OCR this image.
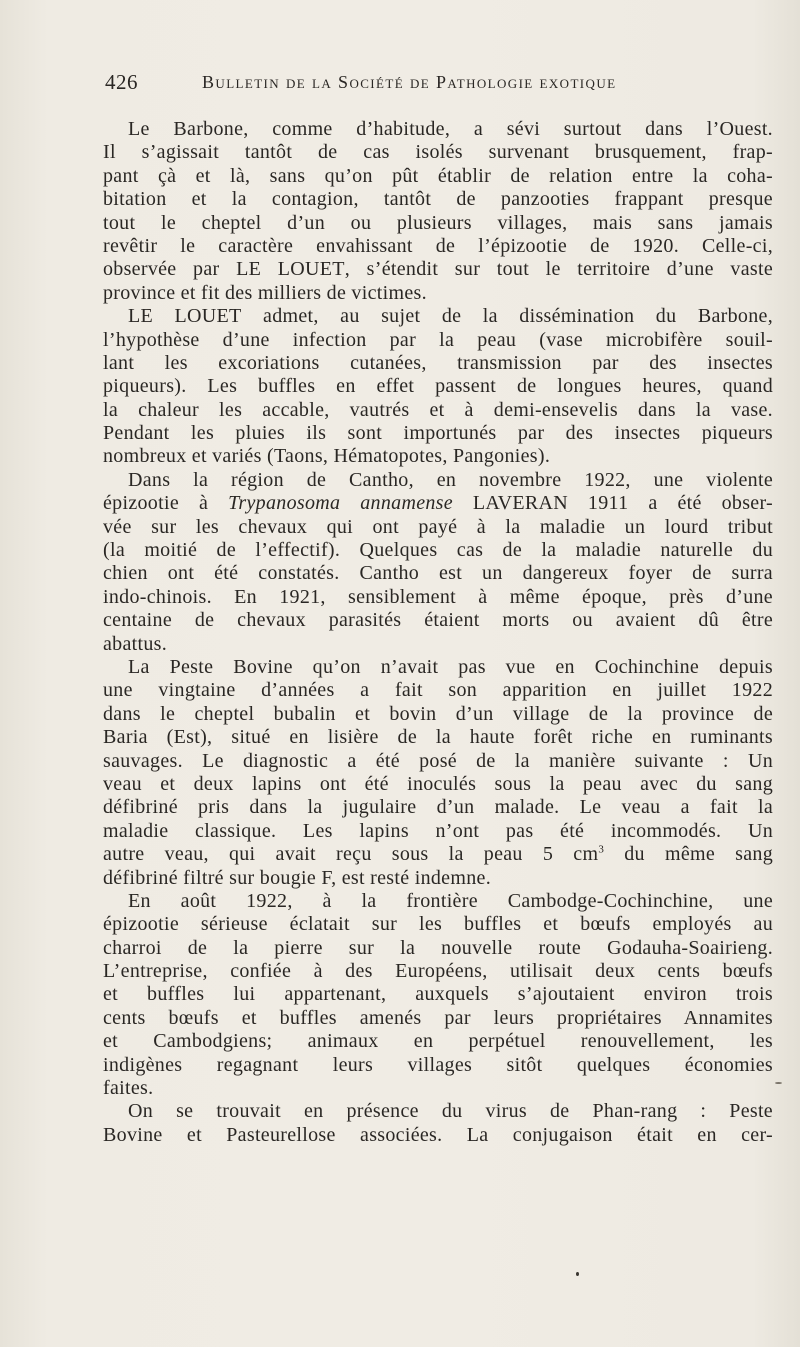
426	Bulletin de la Société de Pathologie exotique
Le Barbone, comme d’habitude, a sévi surtout dans l’Ouest.
Il s’agissait tantôt de cas isolés survenant brusquement, frap-
pant çà et là, sans qu’on pût établir de relation entre la coha-
bitation et la contagion, tantôt de panzooties frappant presque
tout le cheptel d’un ou plusieurs villages, mais sans jamais
revêtir le caractère envahissant de l’épizootie de 1920. Celle-ci,
observée par LE LOUET, s’étendit sur tout le territoire d’une vaste
province et fit des milliers de victimes.
LE LOUET admet, au sujet de la dissémination du Barbone,
l’hypothèse d’une infection par la peau (vase microbifère souil-
lant les excoriations cutanées, transmission par des insectes
piqueurs). Les buffles en effet passent de longues heures, quand
la chaleur les accable, vautrés et à demi-ensevelis dans la vase.
Pendant les pluies ils sont importunés par des insectes piqueurs
nombreux et variés (Taons, Hématopotes, Pangonies).
Dans la région de Cantho, en novembre 1922, une violente
épizootie à Trypanosoma annamense LAVERAN 1911 a été obser-
vée sur les chevaux qui ont payé à la maladie un lourd tribut
(la moitié de l’effectif). Quelques cas de la maladie naturelle du
chien ont été constatés. Cantho est un dangereux foyer de surra
indo-chinois. En 1921, sensiblement à même époque, près d’une
centaine de chevaux parasités étaient morts ou avaient dû être
abattus.
La Peste Bovine qu’on n’avait pas vue en Cochinchine depuis
une vingtaine d’années a fait son apparition en juillet 1922
dans le cheptel bubalin et bovin d’un village de la province de
Baria (Est), situé en lisière de la haute forêt riche en ruminants
sauvages. Le diagnostic a été posé de la manière suivante : Un
veau et deux lapins ont été inoculés sous la peau avec du sang
défibriné pris dans la jugulaire d’un malade. Le veau a fait la
maladie classique. Les lapins n’ont pas été incommodés. Un
autre veau, qui avait reçu sous la peau 5 $cm^3$ du même sang
défibriné filtré sur bougie F, est resté indemne.
En août 1922, à la frontière Cambodge-Cochinchine, une
épizootie sérieuse éclatait sur les buffles et bœufs employés au
charroi de la pierre sur la nouvelle route Godauha-Soairieng.
L’entreprise, confiée à des Européens, utilisait deux cents bœufs
et buffles lui appartenant, auxquels s’ajoutaient environ trois
cents bœufs et buffles amenés par leurs propriétaires Annamites
et Cambodgiens; animaux en perpétuel renouvellement, les
indigènes regagnant leurs villages sitôt quelques économies
faites.
On se trouvait en présence du virus de Phan-rang : Peste
Bovine et Pasteurellose associées. La conjugaison était en cer-
